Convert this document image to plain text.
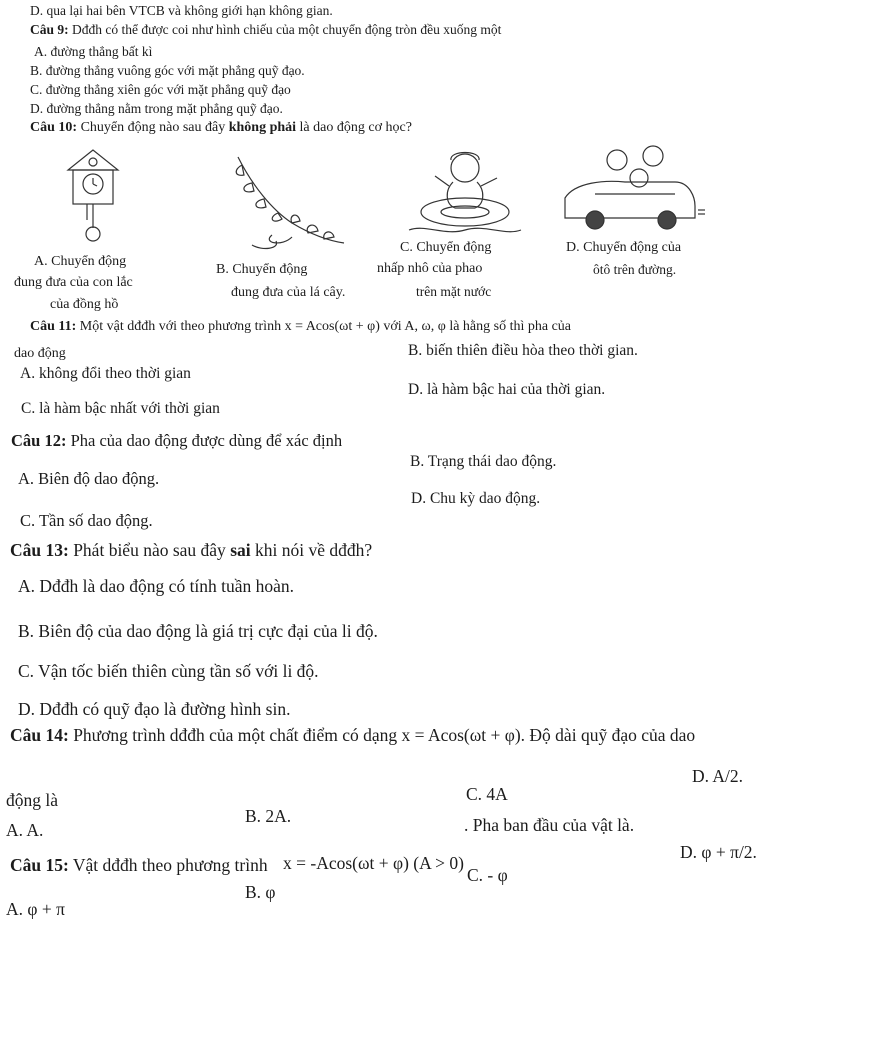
D. qua lại hai bên VTCB và không giới hạn không gian.
Câu 9: Dđđh có thể được coi như hình chiếu của một chuyển động tròn đều xuống một
A. đường thẳng bất kì
B. đường thẳng vuông góc với mặt phẳng quỹ đạo.
C. đường thẳng xiên góc với mặt phẳng quỹ đạo
D. đường thẳng nằm trong mặt phẳng quỹ đạo.
Câu 10: Chuyển động nào sau đây không phải là dao động cơ học?
A. Chuyển động
đung đưa của con lắc
của đồng hồ
B. Chuyển động
đung đưa của lá cây.
C. Chuyển động
nhấp nhô của phao
trên mặt nước
D. Chuyển động của
ôtô trên đường.
Câu 11: Một vật dđđh với theo phương trình x = Acos(ωt + φ) với A, ω, φ là hằng số thì pha của
dao động	B. biến thiên điều hòa theo thời gian.
A. không đổi theo thời gian
D. là hàm bậc hai của thời gian.
C. là hàm bậc nhất với thời gian
Câu 12: Pha của dao động được dùng để xác định
B. Trạng thái dao động.
A. Biên độ dao động.
D. Chu kỳ dao động.
C. Tần số dao động.
Câu 13: Phát biểu nào sau đây sai khi nói về dđđh?
A. Dđđh là dao động có tính tuần hoàn.
B. Biên độ của dao động là giá trị cực đại của li độ.
C. Vận tốc biến thiên cùng tần số với li độ.
D. Dđđh có quỹ đạo là đường hình sin.
Câu 14: Phương trình dđđh của một chất điểm có dạng x = Acos(ωt + φ). Độ dài quỹ đạo của dao
động là
D. A/2.
C. 4A
B. 2A.
A. A.
Câu 15: Vật dđđh theo phương trình x = -Acos(ωt + φ) (A > 0). Pha ban đầu của vật là.
D. φ + π/2.
C. - φ
B. φ
A. φ + π
